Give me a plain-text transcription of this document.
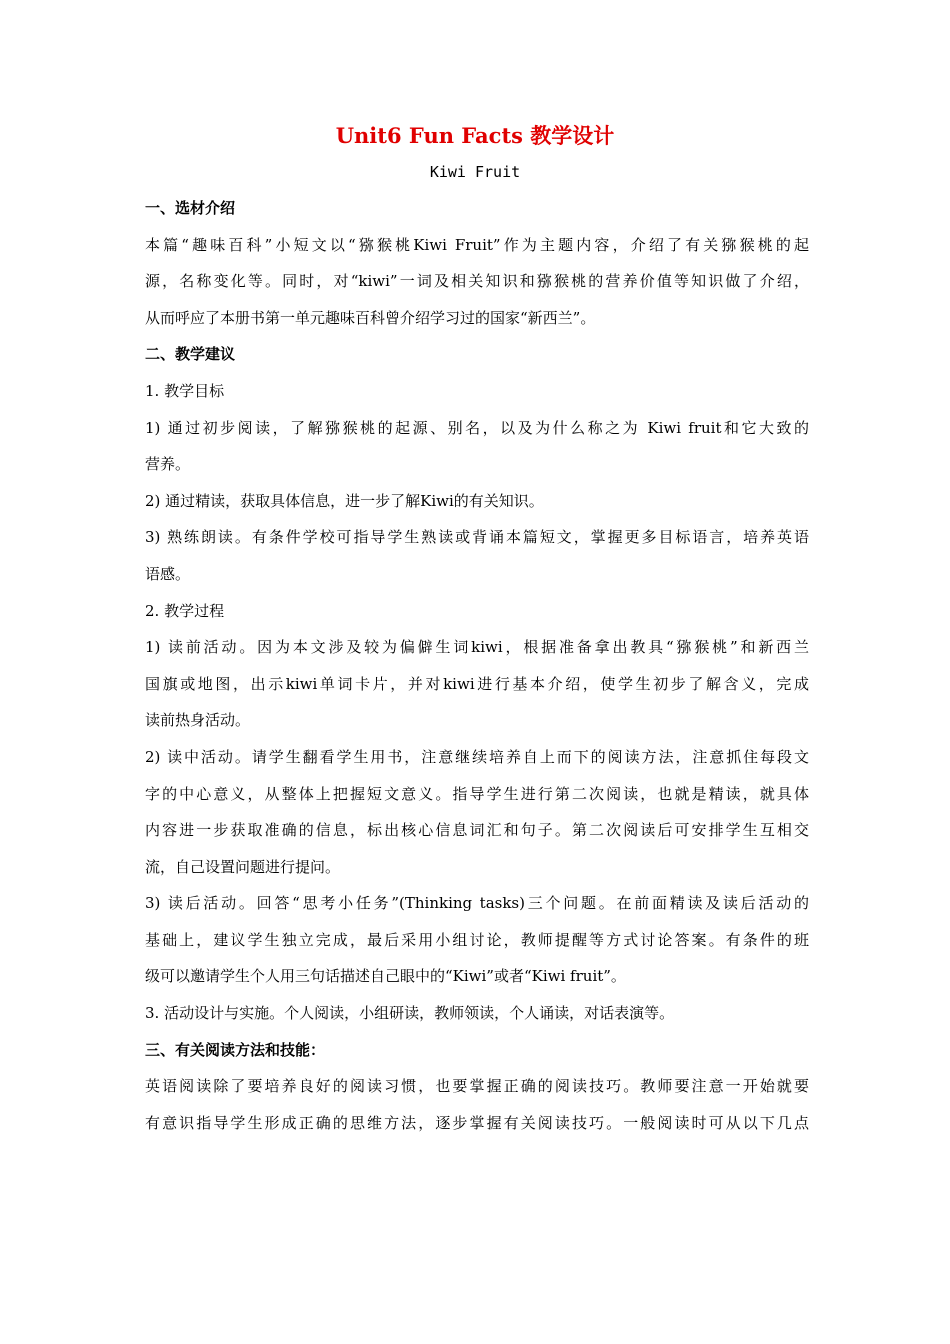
Unit6 Fun Facts 教学设计
Kiwi Fruit
一、选材介绍
本篇“趣味百科”小短文以“猕猴桃Kiwi Fruit”作为主题内容，介绍了有关猕猴桃的起
源，名称变化等。同时，对“kiwi”一词及相关知识和猕猴桃的营养价值等知识做了介绍，
从而呼应了本册书第一单元趣味百科曾介绍学习过的国家“新西兰”。
二、教学建议
1. 教学目标
1) 通过初步阅读，了解猕猴桃的起源、别名，以及为什么称之为 Kiwi fruit和它大致的
营养。
2) 通过精读，获取具体信息，进一步了解Kiwi的有关知识。
3) 熟练朗读。有条件学校可指导学生熟读或背诵本篇短文，掌握更多目标语言，培养英语
语感。
2. 教学过程
1) 读前活动。因为本文涉及较为偏僻生词kiwi，根据准备拿出教具“猕猴桃”和新西兰
国旗或地图，出示kiwi单词卡片，并对kiwi进行基本介绍，使学生初步了解含义，完成
读前热身活动。
2) 读中活动。请学生翻看学生用书，注意继续培养自上而下的阅读方法，注意抓住每段文
字的中心意义，从整体上把握短文意义。指导学生进行第二次阅读，也就是精读，就具体
内容进一步获取准确的信息，标出核心信息词汇和句子。第二次阅读后可安排学生互相交
流，自己设置问题进行提问。
3) 读后活动。回答“思考小任务”(Thinking tasks)三个问题。在前面精读及读后活动的
基础上，建议学生独立完成，最后采用小组讨论，教师提醒等方式讨论答案。有条件的班
级可以邀请学生个人用三句话描述自己眼中的“Kiwi”或者“Kiwi fruit”。
3. 活动设计与实施。个人阅读，小组研读，教师领读，个人诵读，对话表演等。
三、有关阅读方法和技能：
英语阅读除了要培养良好的阅读习惯，也要掌握正确的阅读技巧。教师要注意一开始就要
有意识指导学生形成正确的思维方法，逐步掌握有关阅读技巧。一般阅读时可从以下几点
